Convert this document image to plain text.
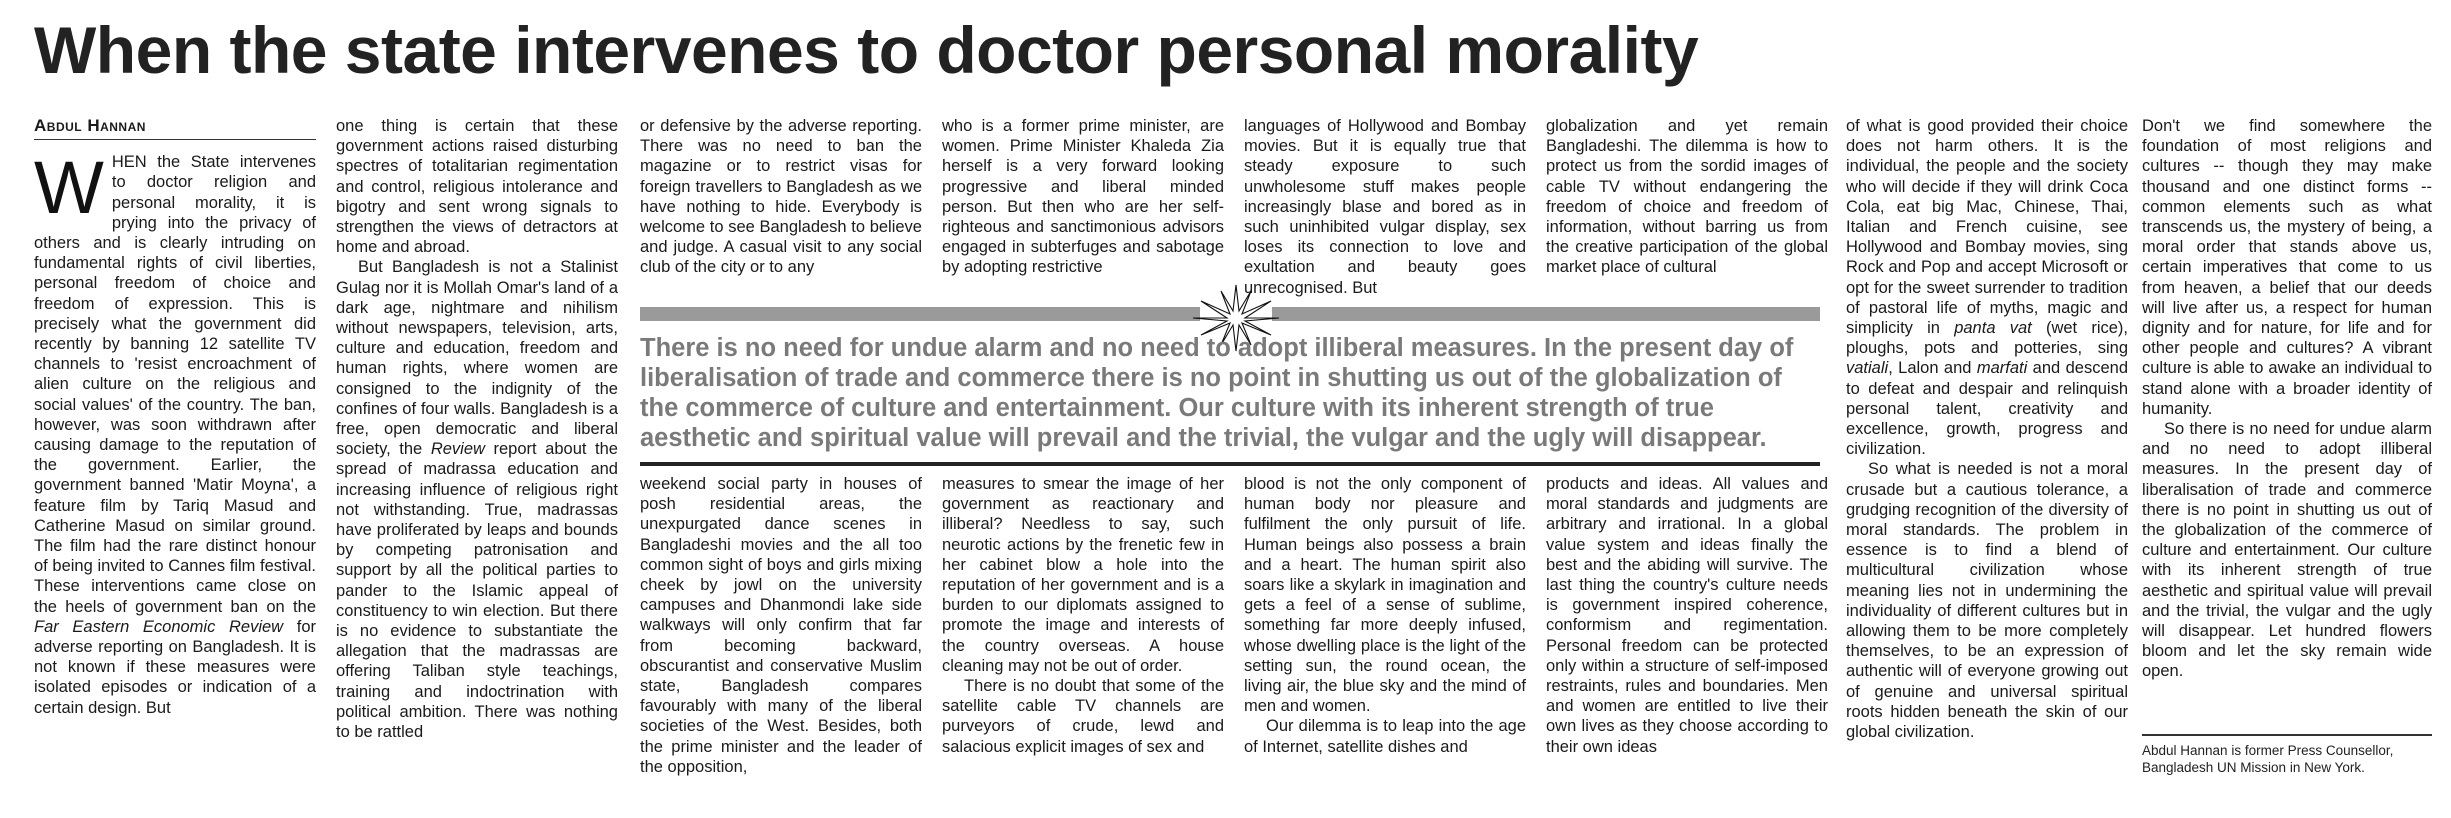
When the state intervenes to doctor personal morality
Abdul Hannan

WHEN the State intervenes to doctor religion and personal morality, it is prying into the privacy of others and is clearly intruding on fundamental rights of civil liberties, personal freedom of choice and freedom of expression. This is precisely what the government did recently by banning 12 satellite TV channels to 'resist encroachment of alien culture on the religious and social values' of the country. The ban, however, was soon withdrawn after causing damage to the reputation of the government. Earlier, the government banned 'Matir Moyna', a feature film by Tariq Masud and Catherine Masud on similar ground. The film had the rare distinct honour of being invited to Cannes film festival. These interventions came close on the heels of government ban on the Far Eastern Economic Review for adverse reporting on Bangladesh. It is not known if these measures were isolated episodes or indication of a certain design. But

one thing is certain that these government actions raised disturbing spectres of totalitarian regimentation and control, religious intolerance and bigotry and sent wrong signals to strengthen the views of detractors at home and abroad.

But Bangladesh is not a Stalinist Gulag nor it is Mollah Omar's land of a dark age, nightmare and nihilism without newspapers, television, arts, culture and education, freedom and human rights, where women are consigned to the indignity of the confines of four walls. Bangladesh is a free, open democratic and liberal society, the Review report about the spread of madrassa education and increasing influence of religious right not withstanding. True, madrassas have proliferated by leaps and bounds by competing patronisation and support by all the political parties to pander to the Islamic appeal of constituency to win election. But there is no evidence to substantiate the allegation that the madrassas are offering Taliban style teachings, training and indoctrination with political ambition. There was nothing to be rattled

or defensive by the adverse reporting. There was no need to ban the magazine or to restrict visas for foreign travellers to Bangladesh as we have nothing to hide. Everybody is welcome to see Bangladesh to believe and judge. A casual visit to any social club of the city or to any

weekend social party in houses of posh residential areas, the unexpurgated dance scenes in Bangladeshi movies and the all too common sight of boys and girls mixing cheek by jowl on the university campuses and Dhanmondi lake side walkways will only confirm that far from becoming backward, obscurantist and conservative Muslim state, Bangladesh compares favourably with many of the liberal societies of the West. Besides, both the prime minister and the leader of the opposition,

who is a former prime minister, are women. Prime Minister Khaleda Zia herself is a very forward looking progressive and liberal minded person. But then who are her self-righteous and sanctimonious advisors engaged in subterfuges and sabotage by adopting restrictive

measures to smear the image of her government as reactionary and illiberal? Needless to say, such neurotic actions by the frenetic few in her cabinet blow a hole into the reputation of her government and is a burden to our diplomats assigned to promote the image and interests of the country overseas. A house cleaning may not be out of order.

There is no doubt that some of the satellite cable TV channels are purveyors of crude, lewd and salacious explicit images of sex and

languages of Hollywood and Bombay movies. But it is equally true that steady exposure to such unwholesome stuff makes people increasingly blase and bored as in such uninhibited vulgar display, sex loses its connection to love and exultation and beauty goes unrecognised. But

blood is not the only component of human body nor pleasure and fulfilment the only pursuit of life. Human beings also possess a brain and a heart. The human spirit also soars like a skylark in imagination and gets a feel of a sense of sublime, something far more deeply infused, whose dwelling place is the light of the setting sun, the round ocean, the living air, the blue sky and the mind of men and women.

Our dilemma is to leap into the age of Internet, satellite dishes and

globalization and yet remain Bangladeshi. The dilemma is how to protect us from the sordid images of cable TV without endangering the freedom of choice and freedom of information, without barring us from the creative participation of the global market place of cultural

products and ideas. All values and moral standards and judgments are arbitrary and irrational. In a global value system and ideas finally the best and the abiding will survive. The last thing the country's culture needs is government inspired coherence, conformism and regimentation. Personal freedom can be protected only within a structure of self-imposed restraints, rules and boundaries. Men and women are entitled to live their own lives as they choose according to their own ideas

of what is good provided their choice does not harm others. It is the individual, the people and the society who will decide if they will drink Coca Cola, eat big Mac, Chinese, Thai, Italian and French cuisine, see Hollywood and Bombay movies, sing Rock and Pop and accept Microsoft or opt for the sweet surrender to tradition of pastoral life of myths, magic and simplicity in panta vat (wet rice), ploughs, pots and potteries, sing vatiali, Lalon and marfati and descend to defeat and despair and relinquish personal talent, creativity and excellence, growth, progress and civilization.

So what is needed is not a moral crusade but a cautious tolerance, a grudging recognition of the diversity of moral standards. The problem in essence is to find a blend of multicultural civilization whose meaning lies not in undermining the individuality of different cultures but in allowing them to be more completely themselves, to be an expression of authentic will of everyone growing out of genuine and universal spiritual roots hidden beneath the skin of our global civilization.

Don't we find somewhere the foundation of most religions and cultures -- though they may make thousand and one distinct forms -- common elements such as what transcends us, the mystery of being, a moral order that stands above us, certain imperatives that come to us from heaven, a belief that our deeds will live after us, a respect for human dignity and for nature, for life and for other people and cultures? A vibrant culture is able to awake an individual to stand alone with a broader identity of humanity.

So there is no need for undue alarm and no need to adopt illiberal measures. In the present day of liberalisation of trade and commerce there is no point in shutting us out of the globalization of the commerce of culture and entertainment. Our culture with its inherent strength of true aesthetic and spiritual value will prevail and the trivial, the vulgar and the ugly will disappear. Let hundred flowers bloom and let the sky remain wide open.

There is no need for undue alarm and no need to adopt illiberal measures. In the present day of liberalisation of trade and commerce there is no point in shutting us out of the globalization of the commerce of culture and entertainment. Our culture with its inherent strength of true aesthetic and spiritual value will prevail and the trivial, the vulgar and the ugly will disappear.

Abdul Hannan is former Press Counsellor, Bangladesh UN Mission in New York.
